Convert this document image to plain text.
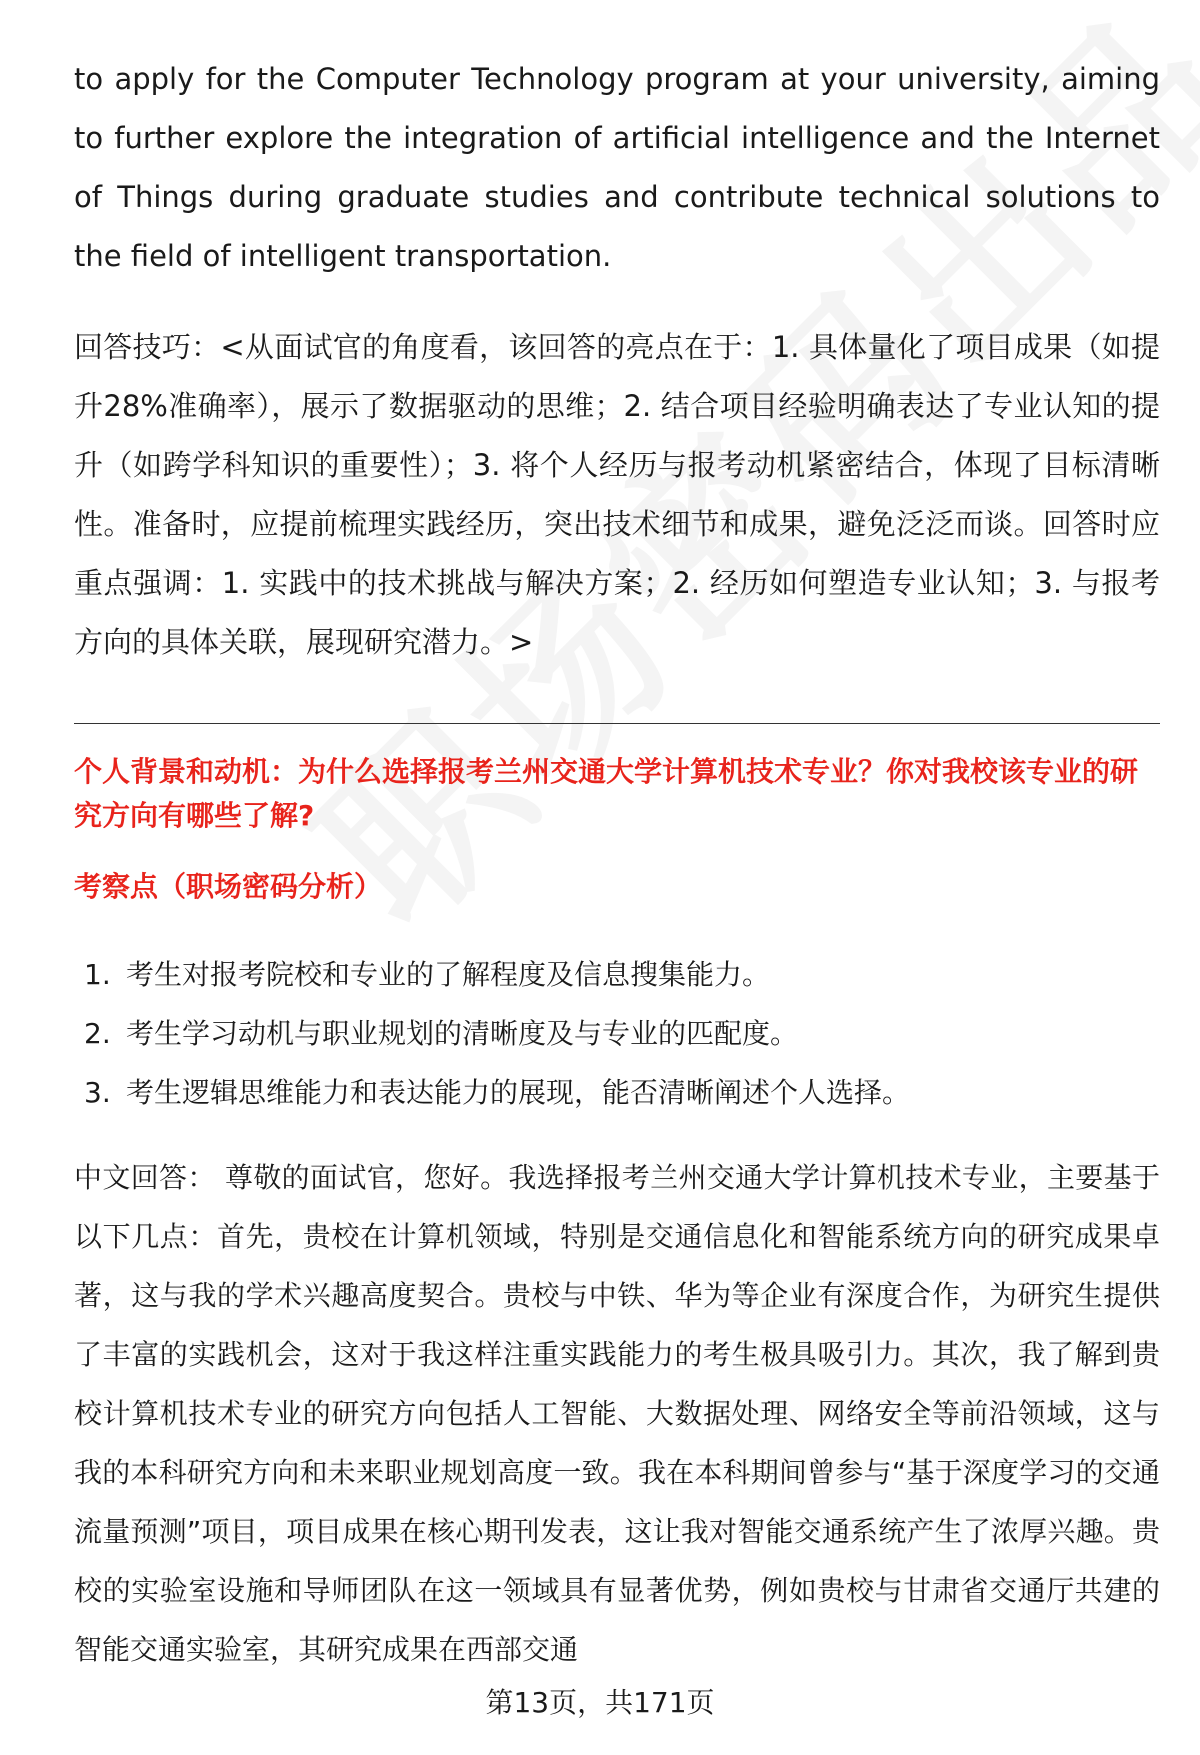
to apply for the Computer Technology program at your university, aiming to further explore the integration of artificial intelligence and the Internet of Things during graduate studies and contribute technical solutions to the field of intelligent transportation.

回答技巧：<从面试官的角度看，该回答的亮点在于：1. 具体量化了项目成果（如提升28%准确率），展示了数据驱动的思维；2. 结合项目经验明确表达了专业认知的提升（如跨学科知识的重要性）；3. 将个人经历与报考动机紧密结合，体现了目标清晰性。准备时，应提前梳理实践经历，突出技术细节和成果，避免泛泛而谈。回答时应重点强调：1. 实践中的技术挑战与解决方案；2. 经历如何塑造专业认知；3. 与报考方向的具体关联，展现研究潜力。>

个人背景和动机：为什么选择报考兰州交通大学计算机技术专业？你对我校该专业的研究方向有哪些了解?

考察点（职场密码分析）

1. 考生对报考院校和专业的了解程度及信息搜集能力。
2. 考生学习动机与职业规划的清晰度及与专业的匹配度。
3. 考生逻辑思维能力和表达能力的展现，能否清晰阐述个人选择。

中文回答： 尊敬的面试官，您好。我选择报考兰州交通大学计算机技术专业，主要基于以下几点：首先，贵校在计算机领域，特别是交通信息化和智能系统方向的研究成果卓著，这与我的学术兴趣高度契合。贵校与中铁、华为等企业有深度合作，为研究生提供了丰富的实践机会，这对于我这样注重实践能力的考生极具吸引力。其次，我了解到贵校计算机技术专业的研究方向包括人工智能、大数据处理、网络安全等前沿领域，这与我的本科研究方向和未来职业规划高度一致。我在本科期间曾参与“基于深度学习的交通流量预测”项目，项目成果在核心期刊发表，这让我对智能交通系统产生了浓厚兴趣。贵校的实验室设施和导师团队在这一领域具有显著优势，例如贵校与甘肃省交通厅共建的智能交通实验室，其研究成果在西部交通

第13页，共171页
